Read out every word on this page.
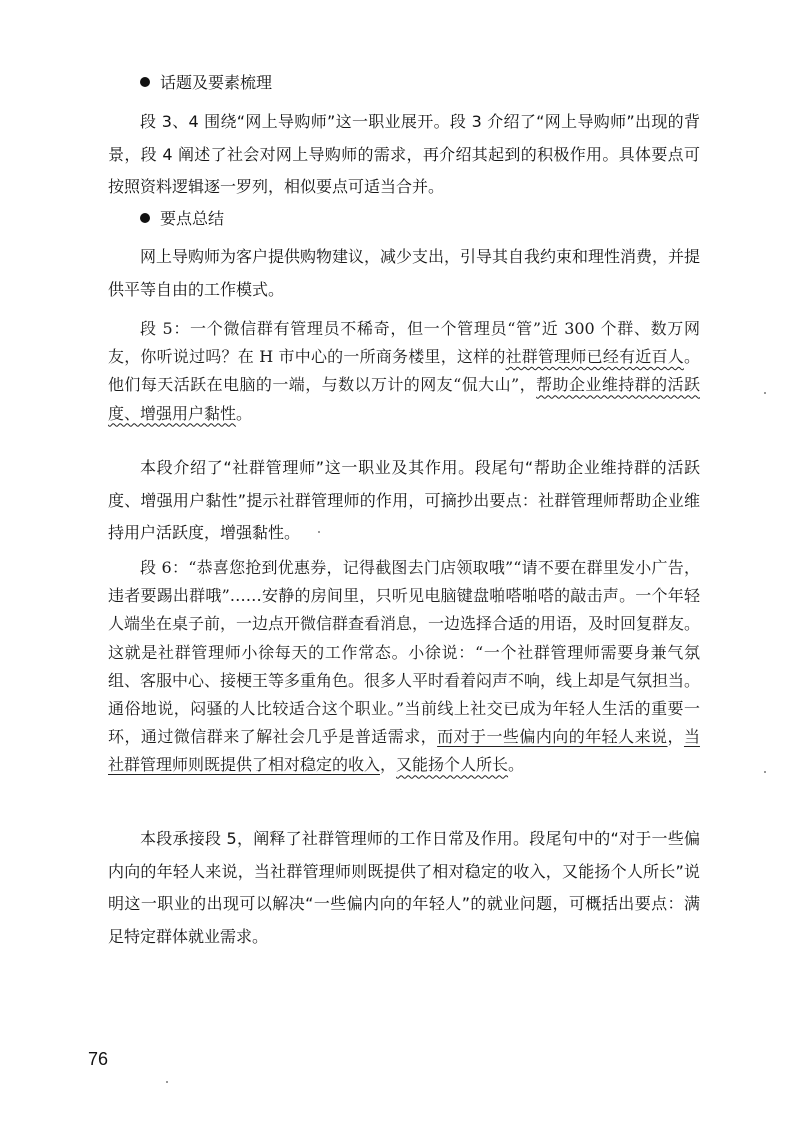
话题及要素梳理
段 3、4 围绕“网上导购师”这一职业展开。段 3 介绍了“网上导购师”出现的背景，段 4 阐述了社会对网上导购师的需求，再介绍其起到的积极作用。具体要点可按照资料逻辑逐一罗列，相似要点可适当合并。
要点总结
网上导购师为客户提供购物建议，减少支出，引导其自我约束和理性消费，并提供平等自由的工作模式。
段 5：一个微信群有管理员不稀奇，但一个管理员“管”近 300 个群、数万网友，你听说过吗？在 H 市中心的一所商务楼里，这样的社群管理师已经有近百人。他们每天活跃在电脑的一端，与数以万计的网友“侃大山”，帮助企业维持群的活跃度、增强用户黏性。
本段介绍了“社群管理师”这一职业及其作用。段尾句“帮助企业维持群的活跃度、增强用户黏性”提示社群管理师的作用，可摘抄出要点：社群管理师帮助企业维持用户活跃度，增强黏性。
段 6：“恭喜您抢到优惠券，记得截图去门店领取哦”“请不要在群里发小广告，违者要踢出群哦”……安静的房间里，只听见电脑键盘啪嗒啪嗒的敲击声。一个年轻人端坐在桌子前，一边点开微信群查看消息，一边选择合适的用语，及时回复群友。这就是社群管理师小徐每天的工作常态。小徐说：“一个社群管理师需要身兼气氛组、客服中心、接梗王等多重角色。很多人平时看着闷声不响，线上却是气氛担当。通俗地说，闷骚的人比较适合这个职业。”当前线上社交已成为年轻人生活的重要一环，通过微信群来了解社会几乎是普适需求，而对于一些偏内向的年轻人来说，当社群管理师则既提供了相对稳定的收入，又能扬个人所长。
本段承接段 5，阐释了社群管理师的工作日常及作用。段尾句中的“对于一些偏内向的年轻人来说，当社群管理师则既提供了相对稳定的收入，又能扬个人所长”说明这一职业的出现可以解决“一些偏内向的年轻人”的就业问题，可概括出要点：满足特定群体就业需求。
76
